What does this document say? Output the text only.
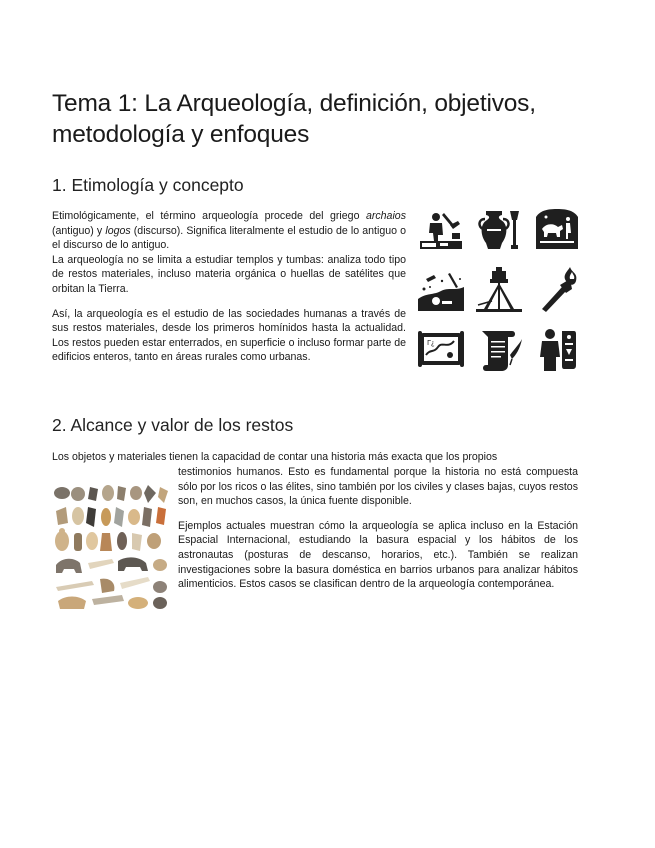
Tema 1: La Arqueología, definición, objetivos, metodología y enfoques
1. Etimología y concepto

Etimológicamente, el término arqueología procede del griego archaios (antiguo) y logos (discurso). Significa literalmente el estudio de lo antiguo o el discurso de lo antiguo.

La arqueología no se limita a estudiar templos y tumbas: analiza todo tipo de restos materiales, incluso materia orgánica o huellas de satélites que orbitan la Tierra.

Así, la arqueología es el estudio de las sociedades humanas a través de sus restos materiales, desde los primeros homínidos hasta la actualidad. Los restos pueden estar enterrados, en superficie o incluso formar parte de edificios enteros, tanto en áreas rurales como urbanas.

Γ¿
2. Alcance y valor de los restos

Los objetos y materiales tienen la capacidad de contar una historia más exacta que los propios

testimonios humanos. Esto es fundamental porque la historia no está compuesta sólo por los ricos o las élites, sino también por los civiles y clases bajas, cuyos restos son, en muchos casos, la única fuente disponible.

Ejemplos actuales muestran cómo la arqueología se aplica incluso en la Estación Espacial Internacional, estudiando la basura espacial y los hábitos de los astronautas (posturas de descanso, horarios, etc.). También se realizan investigaciones sobre la basura doméstica en barrios urbanos para analizar hábitos alimenticios. Estos casos se clasifican dentro de la arqueología contemporánea.
